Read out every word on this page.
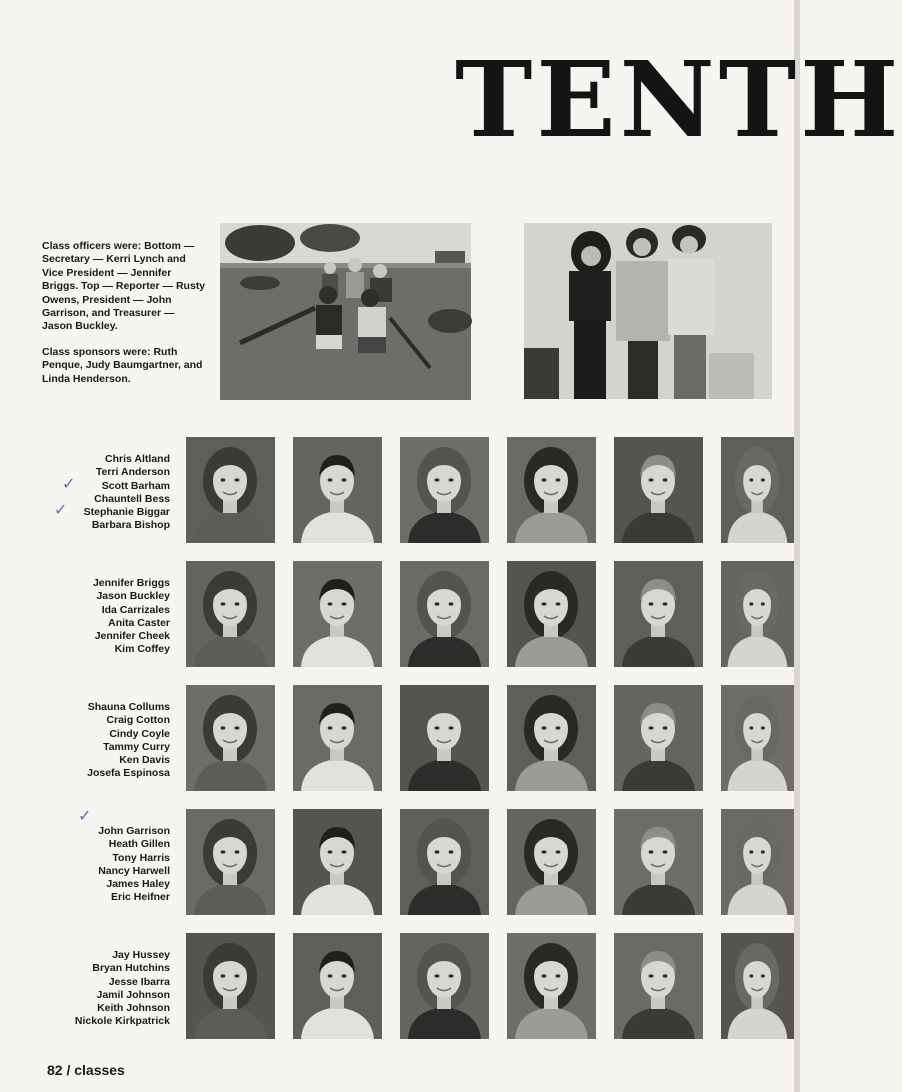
TENTH
Class officers were: Bottom — Secretary — Kerri Lynch and Vice President — Jennifer Briggs. Top — Reporter — Rusty Owens, President — John Garrison, and Treasurer — Jason Buckley.
Class sponsors were: Ruth Penque, Judy Baumgartner, and Linda Henderson.
Chris Altland
Terri Anderson
Scott Barham
Chauntell Bess
Stephanie Biggar
Barbara Bishop
Jennifer Briggs
Jason Buckley
Ida Carrizales
Anita Caster
Jennifer Cheek
Kim Coffey
Shauna Collums
Craig Cotton
Cindy Coyle
Tammy Curry
Ken Davis
Josefa Espinosa
John Garrison
Heath Gillen
Tony Harris
Nancy Harwell
James Haley
Eric Heifner
Jay Hussey
Bryan Hutchins
Jesse Ibarra
Jamil Johnson
Keith Johnson
Nickole Kirkpatrick
✓
✓
✓
82 / classes
